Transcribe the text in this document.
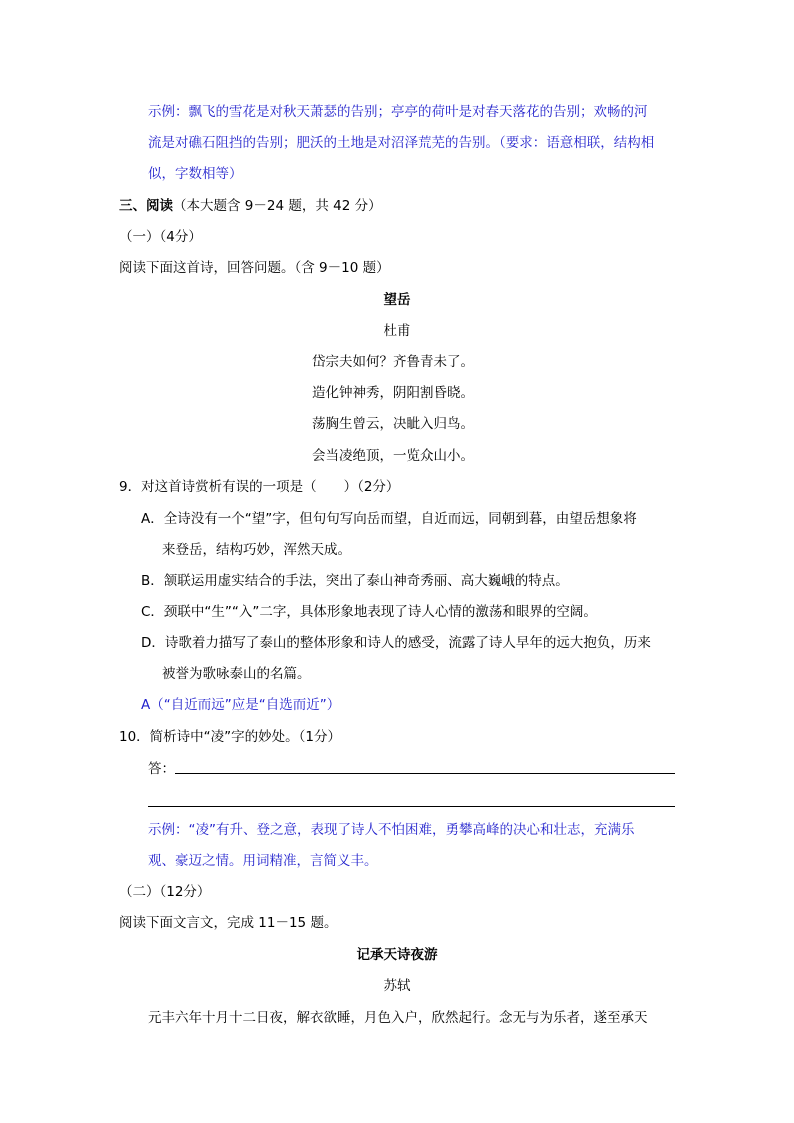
示例：飘飞的雪花是对秋天萧瑟的告别；亭亭的荷叶是对春天落花的告别；欢畅的河
流是对礁石阻挡的告别；肥沃的土地是对沼泽荒芜的告别。（要求：语意相联，结构相
似，字数相等）
三、阅读（本大题含 9－24 题，共 42 分）
（一）（4分）
阅读下面这首诗，回答问题。（含 9－10 题）
望岳
杜甫
岱宗夫如何？齐鲁青未了。
造化钟神秀，阴阳割昏晓。
荡胸生曾云，决眦入归鸟。
会当凌绝顶，一览众山小。
9．对这首诗赏析有误的一项是（　　）（2分）
A．全诗没有一个“望”字，但句句写向岳而望，自近而远，同朝到暮，由望岳想象将
来登岳，结构巧妙，浑然天成。
B．颔联运用虚实结合的手法，突出了泰山神奇秀丽、高大巍峨的特点。
C．颈联中“生”“入”二字，具体形象地表现了诗人心情的激荡和眼界的空阔。
D．诗歌着力描写了泰山的整体形象和诗人的感受，流露了诗人早年的远大抱负，历来
被誉为歌咏泰山的名篇。
A（“自近而远”应是“自选而近”）
10．简析诗中“凌”字的妙处。（1分）
答：
示例：“凌”有升、登之意，表现了诗人不怕困难，勇攀高峰的决心和壮志，充满乐
观、豪迈之情。用词精准，言简义丰。
（二）（12分）
阅读下面文言文，完成 11－15 题。
记承天诗夜游
苏轼
元丰六年十月十二日夜，解衣欲睡，月色入户，欣然起行。念无与为乐者，遂至承天
